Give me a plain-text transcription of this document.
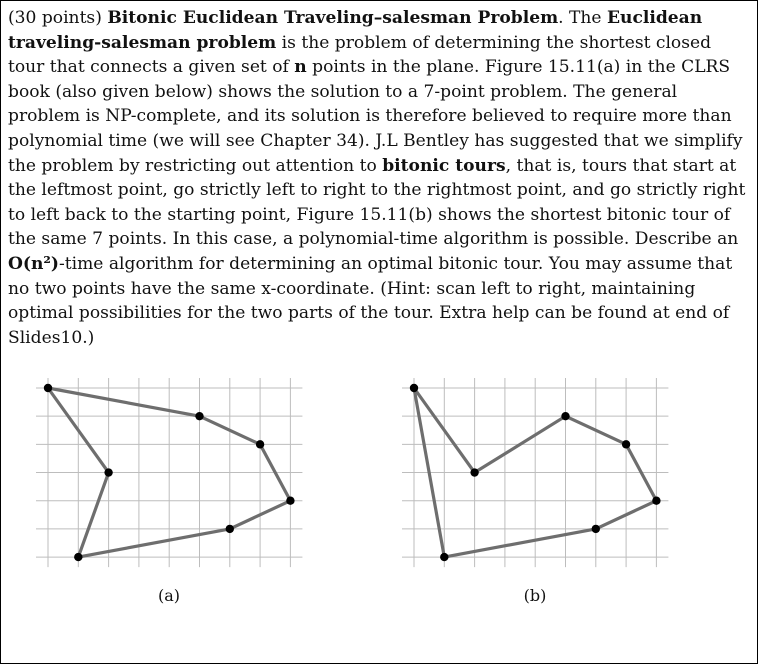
(30 points) Bitonic Euclidean Traveling–salesman Problem. The Euclidean traveling-salesman problem is the problem of determining the shortest closed tour that connects a given set of n points in the plane. Figure 15.11(a) in the CLRS book (also given below) shows the solution to a 7-point problem. The general problem is NP-complete, and its solution is therefore believed to require more than polynomial time (we will see Chapter 34). J.L Bentley has suggested that we simplify the problem by restricting out attention to bitonic tours, that is, tours that start at the leftmost point, go strictly left to right to the rightmost point, and go strictly right to left back to the starting point, Figure 15.11(b) shows the shortest bitonic tour of the same 7 points. In this case, a polynomial-time algorithm is possible. Describe an O(n²)-time algorithm for determining an optimal bitonic tour. You may assume that no two points have the same x-coordinate. (Hint: scan left to right, maintaining optimal possibilities for the two parts of the tour. Extra help can be found at end of Slides10.)

(a)	(b)
